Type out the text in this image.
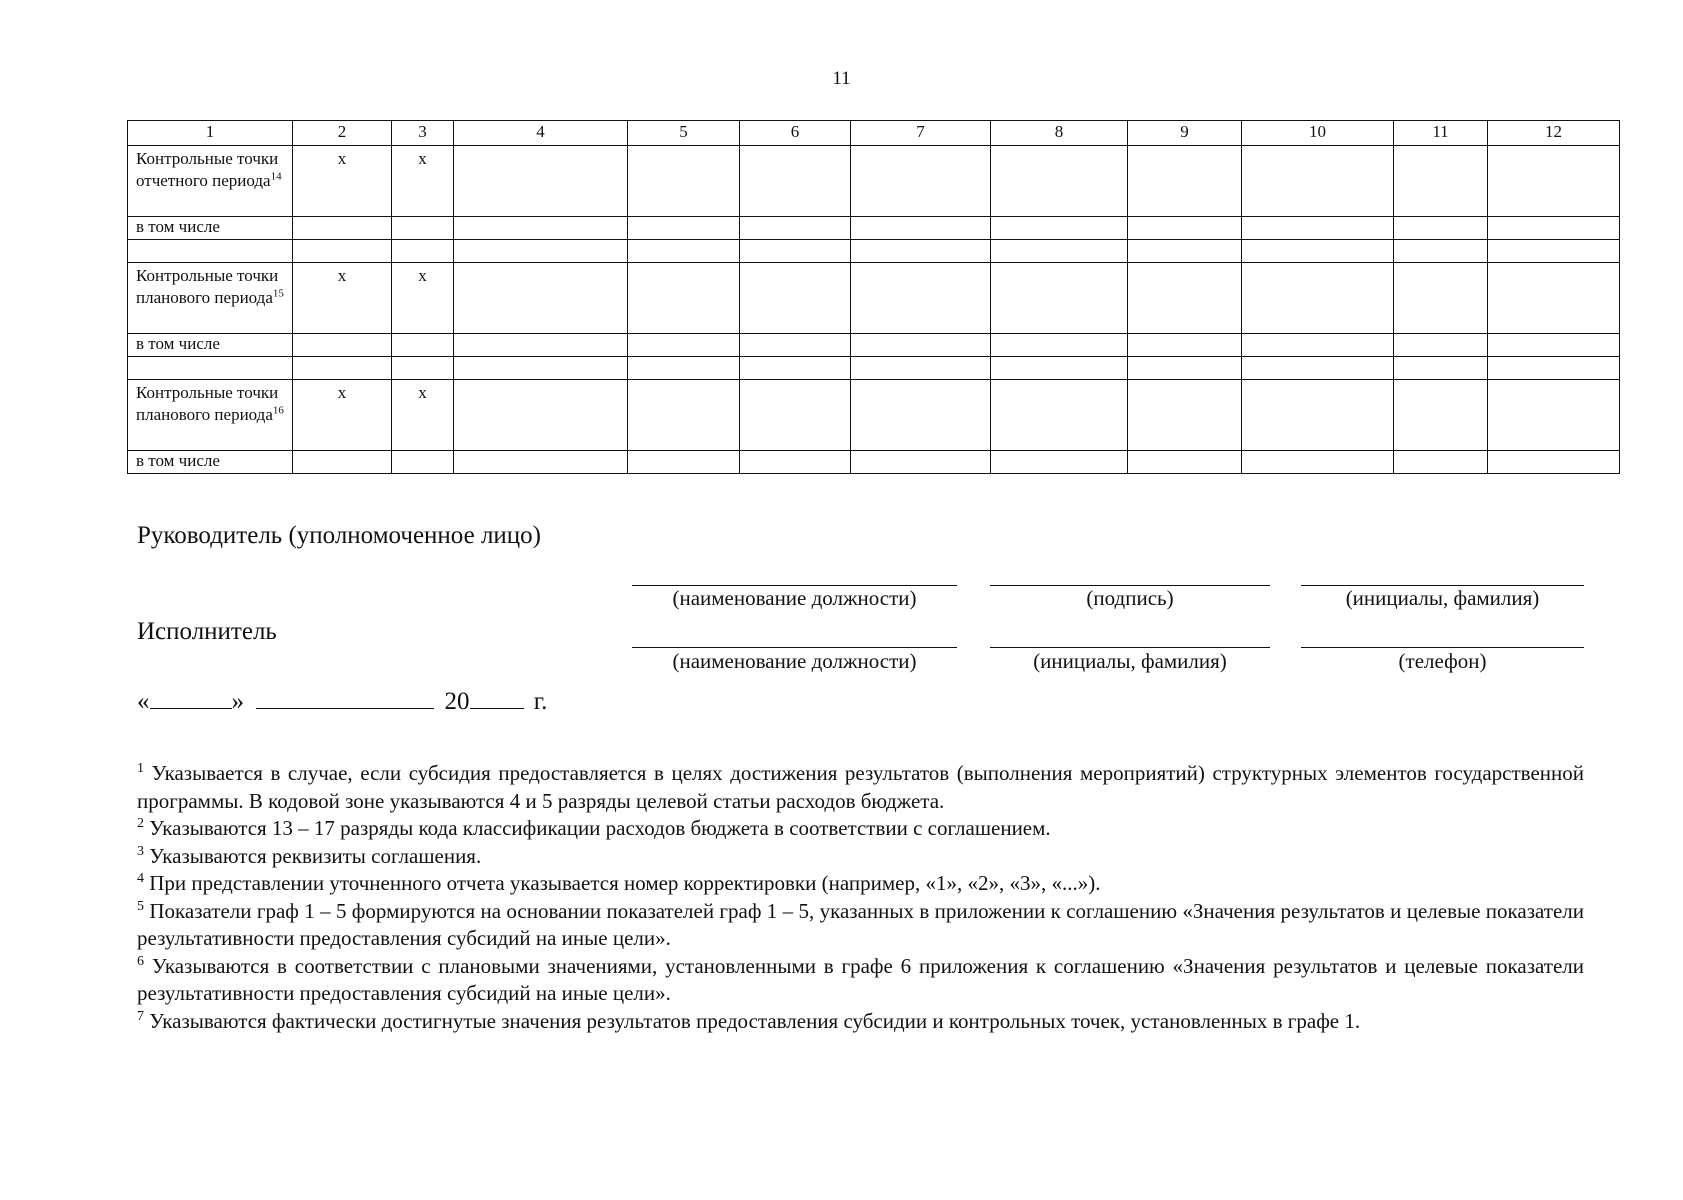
11
1	2	3	4	5	6	7	8	9	10	11	12
Контрольные точки отчетного периода$^{14}$	x	x									
в том числе											

Контрольные точки планового периода$^{15}$	x	x									
в том числе											

Контрольные точки планового периода$^{16}$	x	x									
в том числе											
Руководитель (уполномоченное лицо)
(наименование должности)	(подпись)	(инициалы, фамилия)
Исполнитель
(наименование должности)	(инициалы, фамилия)	(телефон)
«	»	20	г.

$^1$ Указывается в случае, если субсидия предоставляется в целях достижения результатов (выполнения мероприятий) структурных элементов государственной программы. В кодовой зоне указываются 4 и 5 разряды целевой статьи расходов бюджета.

$^2$ Указываются 13 – 17 разряды кода классификации расходов бюджета в соответствии с соглашением.

$^3$ Указываются реквизиты соглашения.

$^4$ При представлении уточненного отчета указывается номер корректировки (например, «1», «2», «3», «...»).

$^5$ Показатели граф 1 – 5 формируются на основании показателей граф 1 – 5, указанных в приложении к соглашению «Значения результатов и целевые показатели результативности предоставления субсидий на иные цели».

$^6$ Указываются в соответствии с плановыми значениями, установленными в графе 6 приложения к соглашению «Значения результатов и целевые показатели результативности предоставления субсидий на иные цели».

$^7$ Указываются фактически достигнутые значения результатов предоставления субсидии и контрольных точек, установленных в графе 1.
